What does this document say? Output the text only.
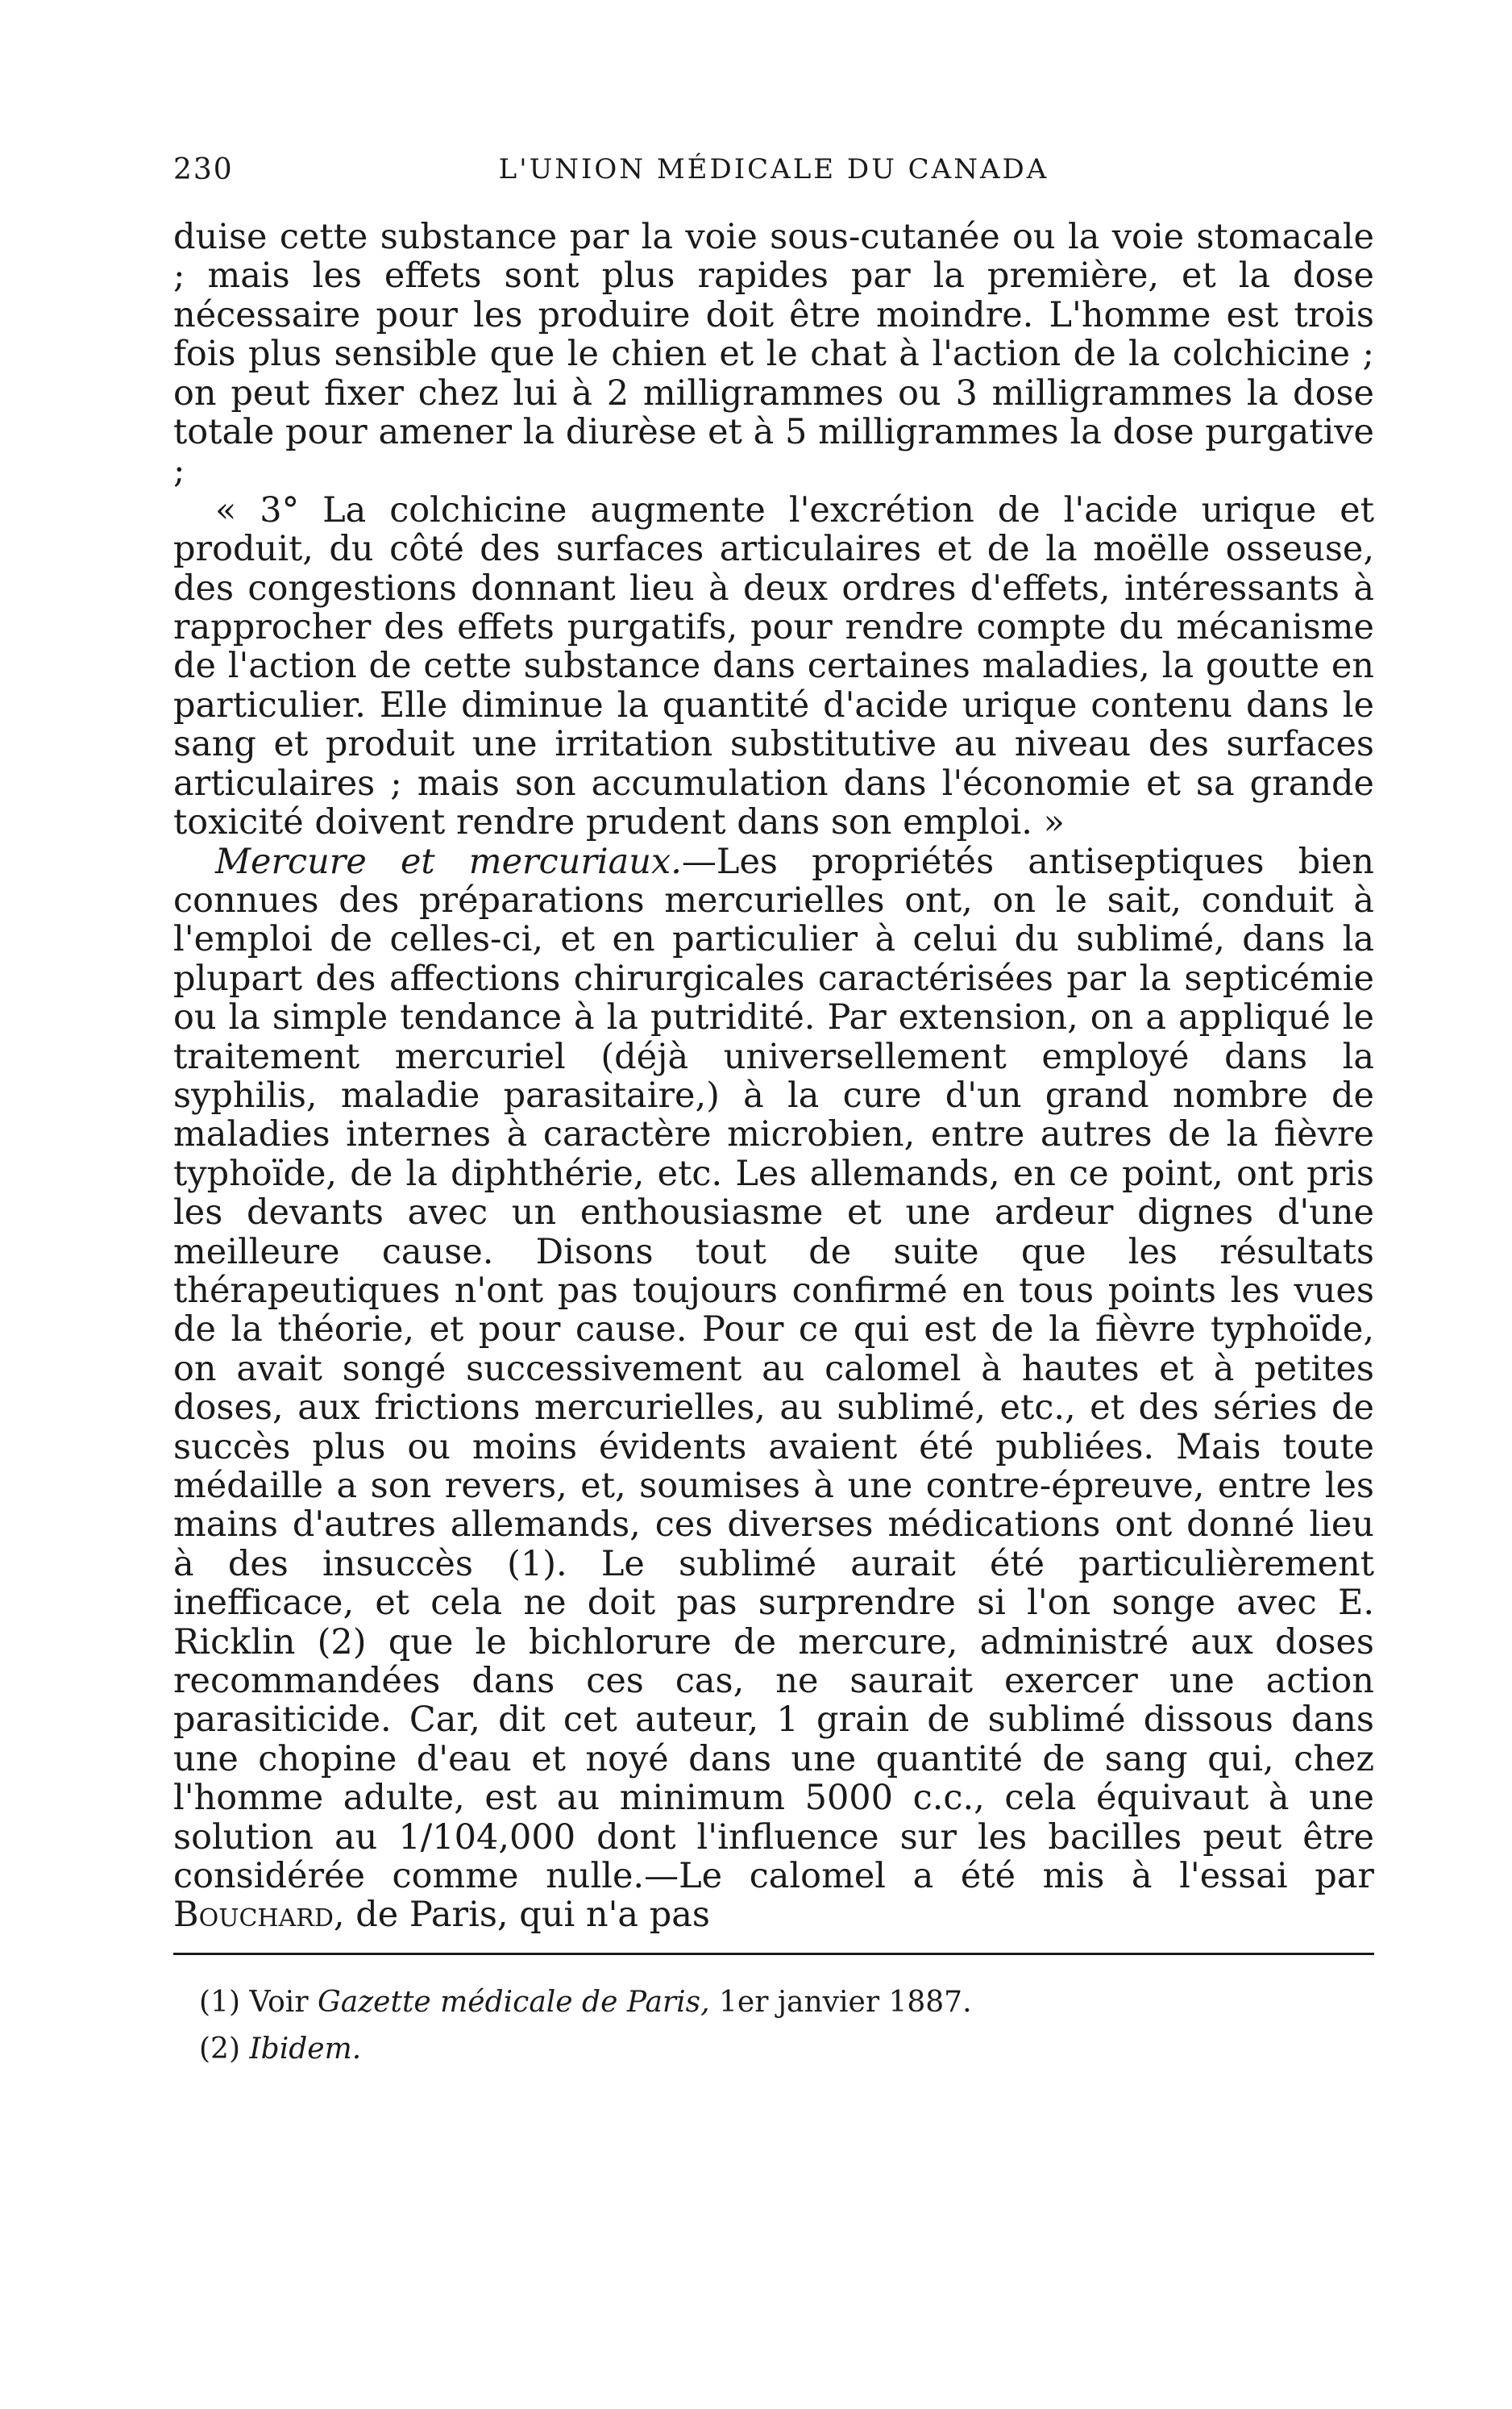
230	L'UNION MÉDICALE DU CANADA

duise cette substance par la voie sous-cutanée ou la voie stomacale ; mais les effets sont plus rapides par la première, et la dose nécessaire pour les produire doit être moindre. L'homme est trois fois plus sensible que le chien et le chat à l'action de la colchicine ; on peut fixer chez lui à 2 milligrammes ou 3 milligrammes la dose totale pour amener la diurèse et à 5 milligrammes la dose purgative ;

« 3° La colchicine augmente l'excrétion de l'acide urique et produit, du côté des surfaces articulaires et de la moëlle osseuse, des congestions donnant lieu à deux ordres d'effets, intéressants à rapprocher des effets purgatifs, pour rendre compte du mécanisme de l'action de cette substance dans certaines maladies, la goutte en particulier. Elle diminue la quantité d'acide urique contenu dans le sang et produit une irritation substitutive au niveau des surfaces articulaires ; mais son accumulation dans l'économie et sa grande toxicité doivent rendre prudent dans son emploi. »

Mercure et mercuriaux.—Les propriétés antiseptiques bien connues des préparations mercurielles ont, on le sait, conduit à l'emploi de celles-ci, et en particulier à celui du sublimé, dans la plupart des affections chirurgicales caractérisées par la septicémie ou la simple tendance à la putridité. Par extension, on a appliqué le traitement mercuriel (déjà universellement employé dans la syphilis, maladie parasitaire,) à la cure d'un grand nombre de maladies internes à caractère microbien, entre autres de la fièvre typhoïde, de la diphthérie, etc. Les allemands, en ce point, ont pris les devants avec un enthousiasme et une ardeur dignes d'une meilleure cause. Disons tout de suite que les résultats thérapeutiques n'ont pas toujours confirmé en tous points les vues de la théorie, et pour cause. Pour ce qui est de la fièvre typhoïde, on avait songé successivement au calomel à hautes et à petites doses, aux frictions mercurielles, au sublimé, etc., et des séries de succès plus ou moins évidents avaient été publiées. Mais toute médaille a son revers, et, soumises à une contre-épreuve, entre les mains d'autres allemands, ces diverses médications ont donné lieu à des insuccès (1). Le sublimé aurait été particulièrement inefficace, et cela ne doit pas surprendre si l'on songe avec E. Ricklin (2) que le bichlorure de mercure, administré aux doses recommandées dans ces cas, ne saurait exercer une action parasiticide. Car, dit cet auteur, 1 grain de sublimé dissous dans une chopine d'eau et noyé dans une quantité de sang qui, chez l'homme adulte, est au minimum 5000 c.c., cela équivaut à une solution au 1/104,000 dont l'influence sur les bacilles peut être considérée comme nulle.—Le calomel a été mis à l'essai par Bouchard, de Paris, qui n'a pas

(1) Voir Gazette médicale de Paris, 1er janvier 1887.

(2) Ibidem.
